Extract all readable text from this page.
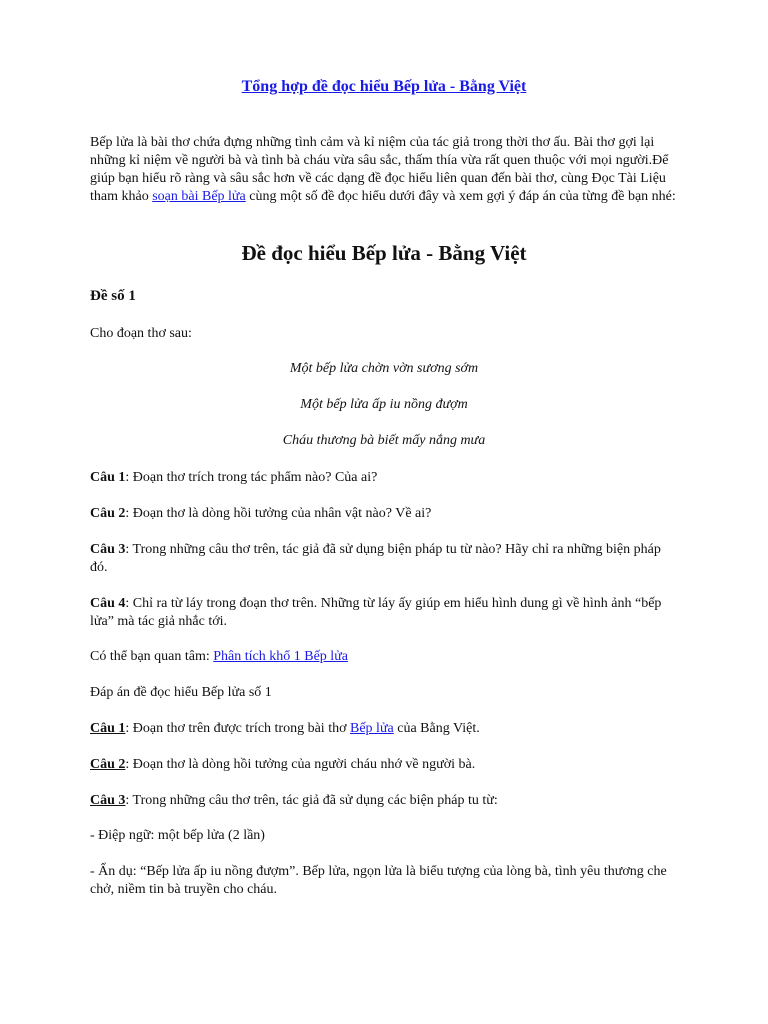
Tổng hợp đề đọc hiểu Bếp lửa - Bằng Việt

Bếp lửa là bài thơ chứa đựng những tình cảm và kỉ niệm của tác giả trong thời thơ ấu. Bài thơ gợi lại những kỉ niệm về người bà và tình bà cháu vừa sâu sắc, thấm thía vừa rất quen thuộc với mọi người.Để giúp bạn hiểu rõ ràng và sâu sắc hơn về các dạng đề đọc hiểu liên quan đến bài thơ, cùng Đọc Tài Liệu tham khảo soạn bài Bếp lửa cùng một số đề đọc hiểu dưới đây và xem gợi ý đáp án của từng đề bạn nhé:

Đề đọc hiểu Bếp lửa - Bằng Việt
Đề số 1

Cho đoạn thơ sau:

Một bếp lửa chờn vờn sương sớm

Một bếp lửa ấp iu nồng đượm

Cháu thương bà biết mấy nắng mưa

Câu 1: Đoạn thơ trích trong tác phẩm nào? Của ai?

Câu 2: Đoạn thơ là dòng hồi tưởng của nhân vật nào? Về ai?

Câu 3: Trong những câu thơ trên, tác giả đã sử dụng biện pháp tu từ nào? Hãy chỉ ra những biện pháp đó.

Câu 4: Chỉ ra từ láy trong đoạn thơ trên. Những từ láy ấy giúp em hiểu hình dung gì về hình ảnh “bếp lửa” mà tác giả nhắc tới.

Có thể bạn quan tâm: Phân tích khổ 1 Bếp lửa

Đáp án đề đọc hiểu Bếp lửa số 1

Câu 1: Đoạn thơ trên được trích trong bài thơ Bếp lửa của Bằng Việt.

Câu 2: Đoạn thơ là dòng hồi tưởng của người cháu nhớ về người bà.

Câu 3: Trong những câu thơ trên, tác giả đã sử dụng các biện pháp tu từ:

- Điệp ngữ: một bếp lửa (2 lần)

- Ẩn dụ: “Bếp lửa ấp iu nồng đượm”. Bếp lửa, ngọn lửa là biểu tượng của lòng bà, tình yêu thương che chở, niềm tin bà truyền cho cháu.
